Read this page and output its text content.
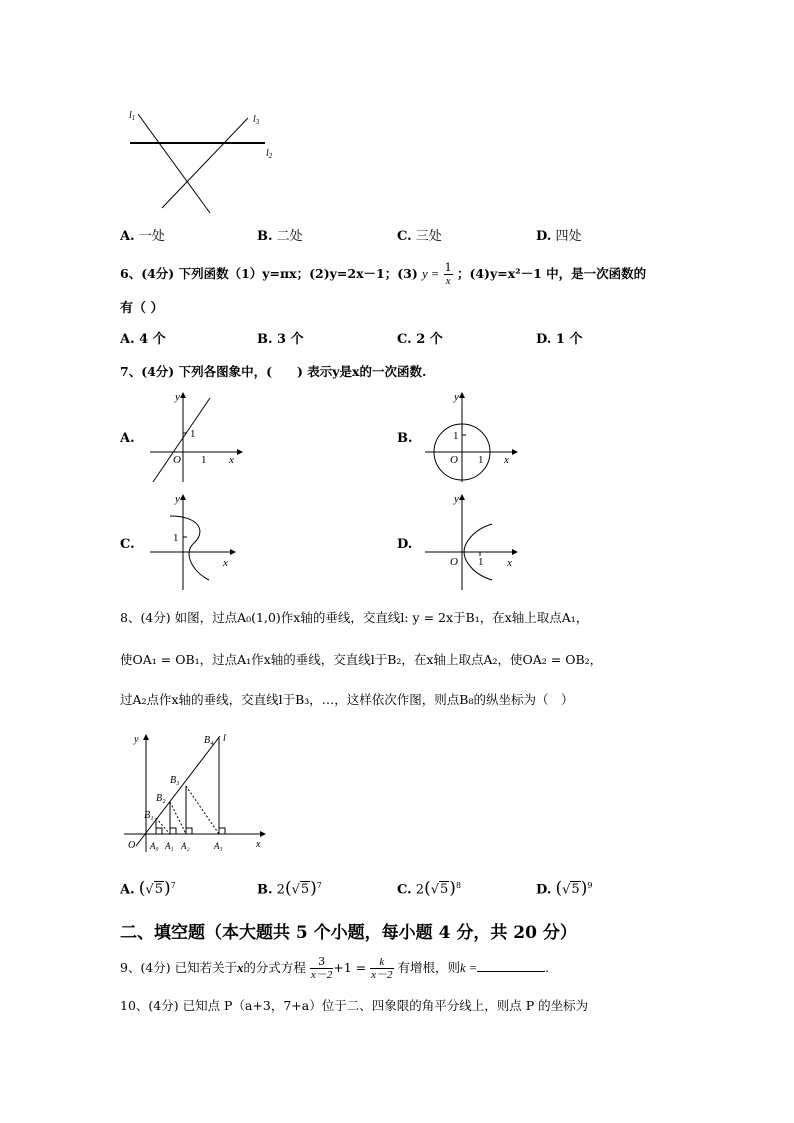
$l_1$	$l_3$
$l_2$
A. 一处	B. 二处	C. 三处	D. 四处
6、(4分) 下列函数（1）y=πx；(2)y=2x－1；(3) $y = \frac{1}{x}$ ；(4)y=x²－1 中，是一次函数的
有（ ）
A. 4 个	B. 3 个	C. 2 个	D. 1 个
7、(4分) 下列各图象中，(　　) 表示y是x的一次函数.
A.
y
x
O
1
1
B.
y
x
O
1
1
C.
y
x
1	D.
y
x
O 1
8、(4分) 如图，过点A₀(1,0)作x轴的垂线，交直线l: y = 2x于B₁，在x轴上取点A₁，
使OA₁ = OB₁，过点A₁作x轴的垂线，交直线l于B₂，在x轴上取点A₂，使OA₂ = OB₂，
过A₂点作x轴的垂线，交直线l于B₃，…，这样依次作图，则点B₈的纵坐标为（　）
y
x
O
l
B₄
B₃
B₂
B₁
A₀ A₁ A₂	A₃
A. $(√5)^7$	B. $2(√5)^7$	C. $2(√5)^8$	D. $(√5)^9$
二、填空题（本大题共 5 个小题，每小题 4 分，共 20 分）
9、(4分) 已知若关于x的分式方程 $\frac{3}{x-2} +1 = \frac{k}{x-2}$ 有增根，则k =	.
10、(4分) 已知点 P（a+3，7+a）位于二、四象限的角平分线上，则点 P 的坐标为
